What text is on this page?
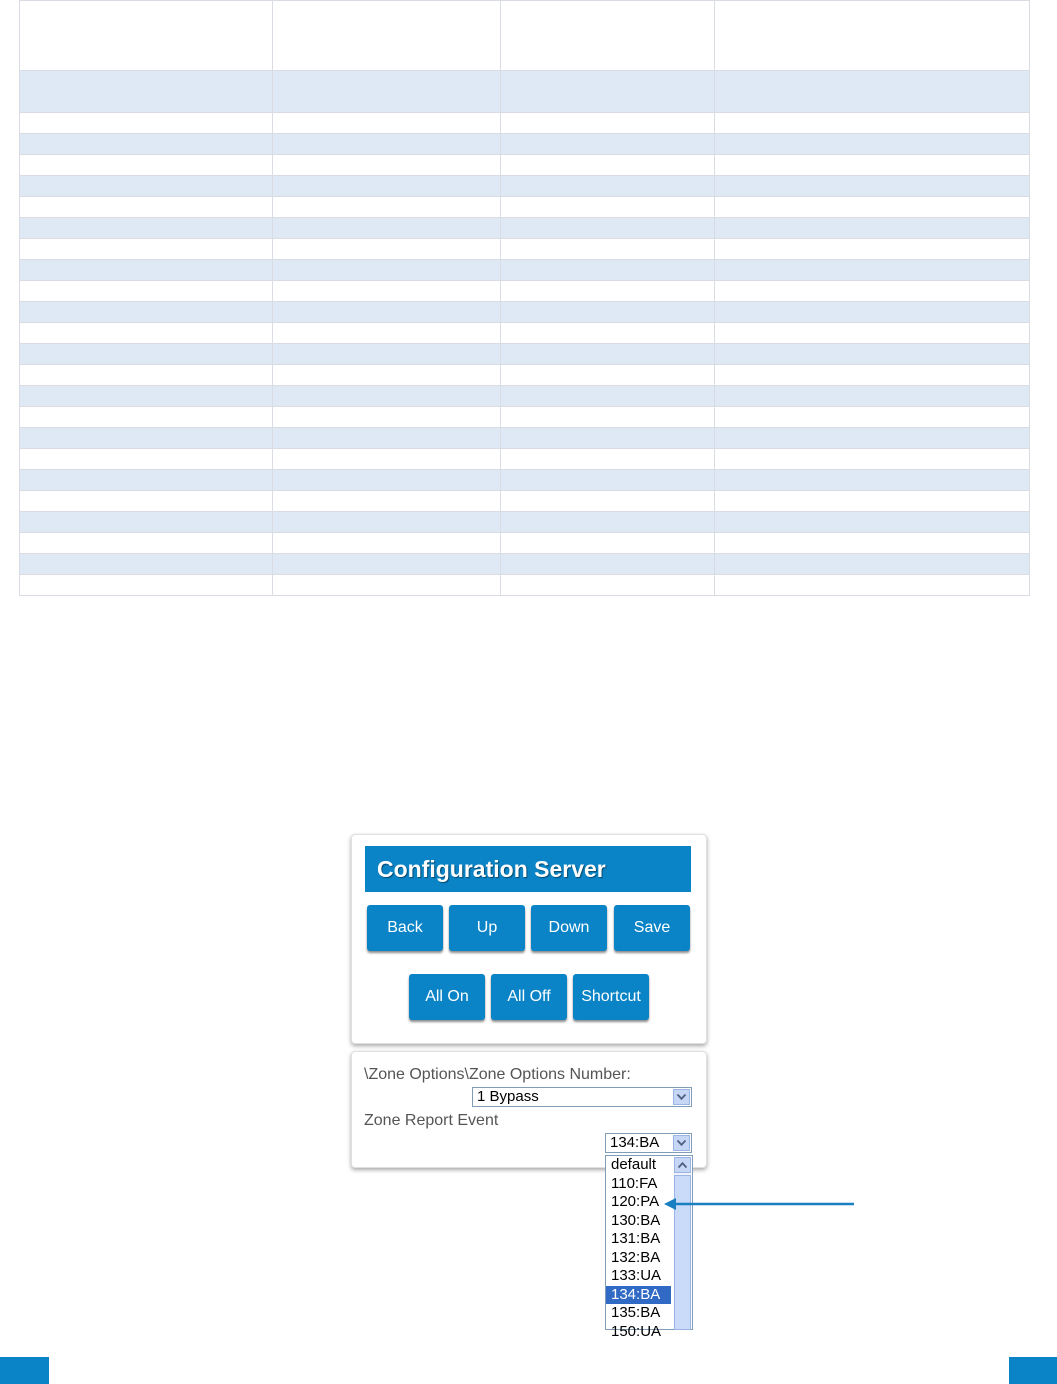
Configuration Server
Back	Up	Down	Save
All On	All Off	Shortcut
\Zone Options\Zone Options Number:
1 Bypass
Zone Report Event
134:BA
default
110:FA
120:PA
130:BA
131:BA
132:BA
133:UA
134:BA
135:BA
150:UA
